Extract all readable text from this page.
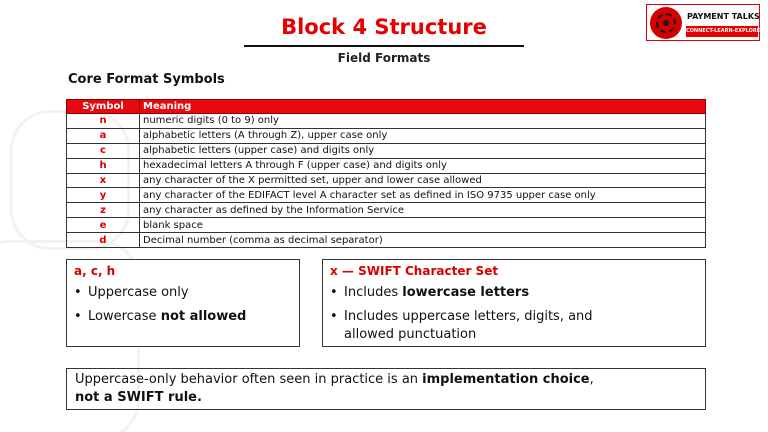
Block 4 Structure
Field Formats
PAYMENT TALKS
CONNECT-LEARN-EXPLORE
Core Format Symbols
Symbol	Meaning
n	numeric digits (0 to 9) only
a	alphabetic letters (A through Z), upper case only
c	alphabetic letters (upper case) and digits only
h	hexadecimal letters A through F (upper case) and digits only
x	any character of the X permitted set, upper and lower case allowed
y	any character of the EDIFACT level A character set as defined in ISO 9735 upper case only
z	any character as defined by the Information Service
e	blank space
d	Decimal number (comma as decimal separator)
a, c, h
• Uppercase only
• Lowercase not allowed
x — SWIFT Character Set
• Includes lowercase letters
• Includes uppercase letters, digits, and
allowed punctuation
Uppercase-only behavior often seen in practice is an implementation choice,
not a SWIFT rule.
